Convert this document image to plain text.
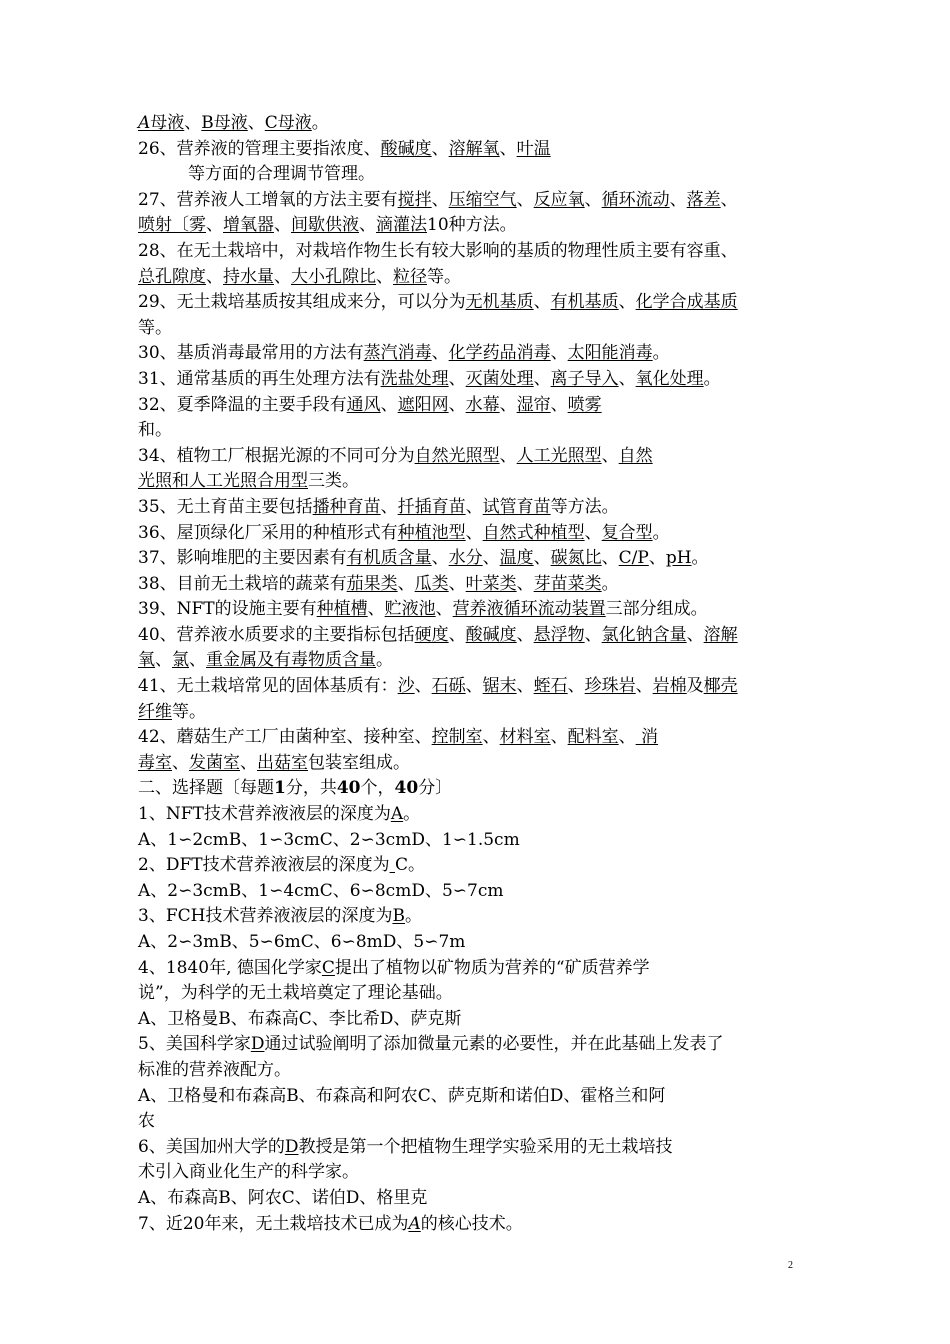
A母液、B母液、C母液。
26、营养液的管理主要指浓度、酸碱度、溶解氧、叶温
等方面的合理调节管理。
27、营养液人工增氧的方法主要有搅拌、压缩空气、反应氧、循环流动、落差、
喷射〔雾、增氧器、间歇供液、滴灌法10种方法。
28、在无土栽培中，对栽培作物生长有较大影响的基质的物理性质主要有容重、
总孔隙度、持水量、大小孔隙比、粒径等。
29、无土栽培基质按其组成来分，可以分为无机基质、有机基质、化学合成基质
等。
30、基质消毒最常用的方法有蒸汽消毒、化学药品消毒、太阳能消毒。
31、通常基质的再生处理方法有洗盐处理、灭菌处理、离子导入、氧化处理。
32、夏季降温的主要手段有通风、遮阳网、水幕、湿帘、喷雾
和。
34、植物工厂根据光源的不同可分为自然光照型、人工光照型、自然
光照和人工光照合用型三类。
35、无土育苗主要包括播种育苗、扦插育苗、试管育苗等方法。
36、屋顶绿化厂采用的种植形式有种植池型、自然式种植型、复合型。
37、影响堆肥的主要因素有有机质含量、水分、温度、碳氮比、C/P、pH。
38、目前无土栽培的蔬菜有茄果类、瓜类、叶菜类、芽苗菜类。
39、NFT的设施主要有种植槽、贮液池、营养液循环流动装置三部分组成。
40、营养液水质要求的主要指标包括硬度、酸碱度、悬浮物、氯化钠含量、溶解
氧、氯、重金属及有毒物质含量。
41、无土栽培常见的固体基质有：沙、石砾、锯末、蛭石、珍珠岩、岩棉及椰壳
纤维等。
42、蘑菇生产工厂由菌种室、接种室、控制室、材料室、配料室、 消
毒室、发菌室、出菇室包装室组成。
二、选择题〔每题1分，共40个，40分〕
1、NFT技术营养液液层的深度为A。
A、1∽2cmB、1∽3cmC、2∽3cmD、1∽1.5cm
2、DFT技术营养液液层的深度为 C。
A、2∽3cmB、1∽4cmC、6∽8cmD、5∽7cm
3、FCH技术营养液液层的深度为B。
A、2∽3mB、5∽6mC、6∽8mD、5∽7m
4、1840年, 德国化学家C提出了植物以矿物质为营养的“矿质营养学
说”，为科学的无土栽培奠定了理论基础。
A、卫格曼B、布森高C、李比希D、萨克斯
5、美国科学家D通过试验阐明了添加微量元素的必要性，并在此基础上发表了
标准的营养液配方。
A、卫格曼和布森高B、布森高和阿农C、萨克斯和诺伯D、霍格兰和阿
农
6、美国加州大学的D教授是第一个把植物生理学实验采用的无土栽培技
术引入商业化生产的科学家。
A、布森高B、阿农C、诺伯D、格里克
7、近20年来，无土栽培技术已成为A的核心技术。
2
